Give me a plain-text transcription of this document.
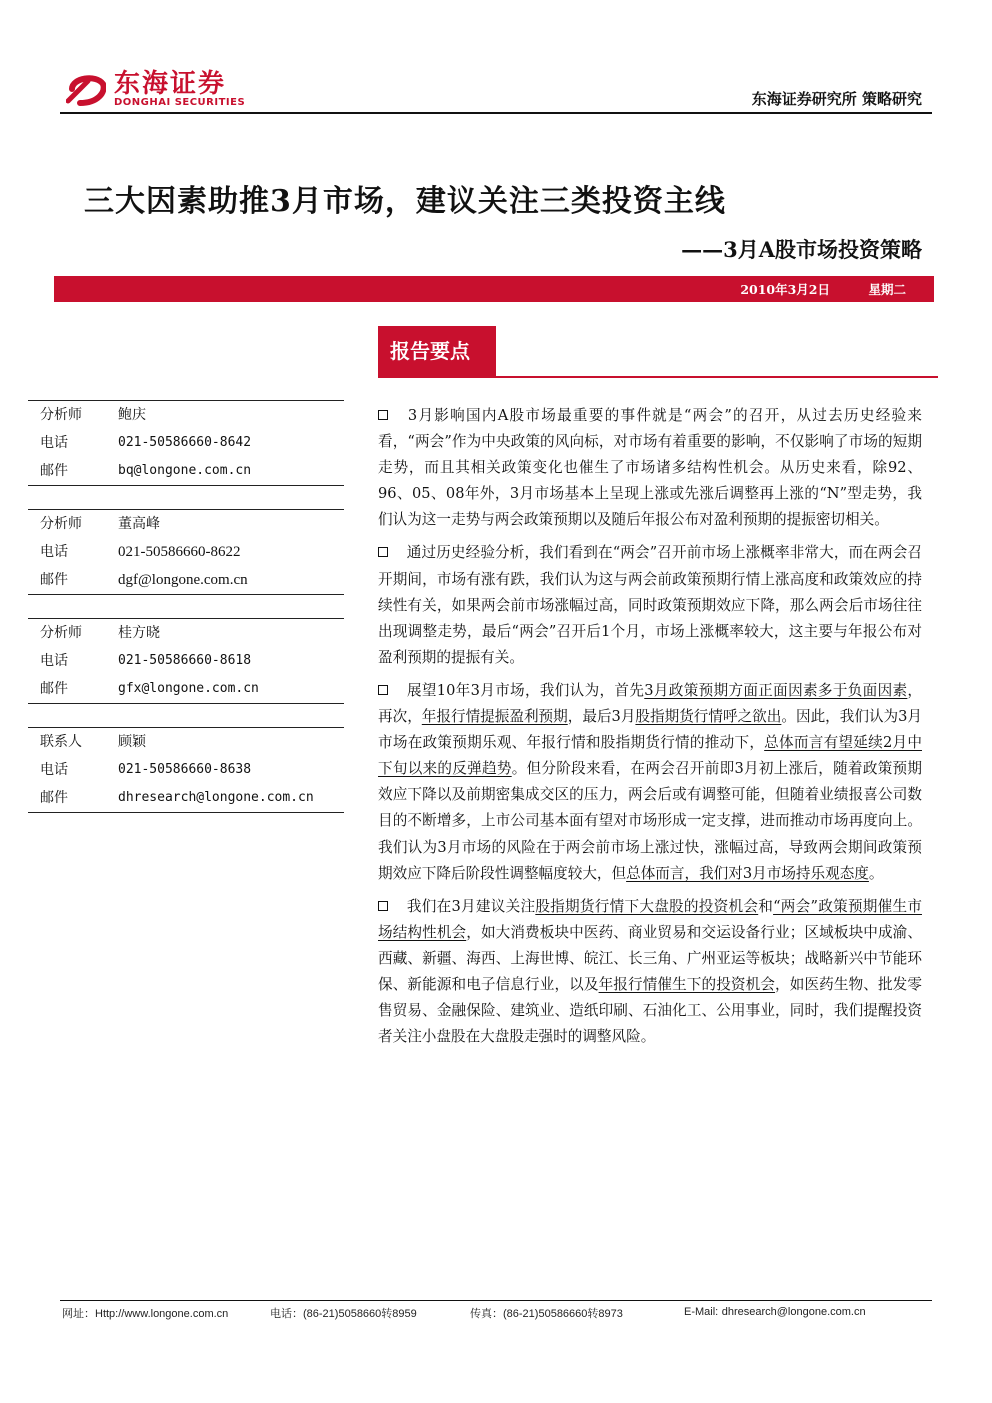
东海证券
DONGHAI SECURITIES	东海证券研究所 策略研究
三大因素助推3月市场，建议关注三类投资主线
——3月A股市场投资策略
2010年3月2日	星期二
报告要点
分析师	鲍庆
电话	021-50586660-8642
邮件	bq@longone.com.cn
分析师	董高峰
电话	021-50586660-8622
邮件	dgf@longone.com.cn
分析师	桂方晓
电话	021-50586660-8618
邮件	gfx@longone.com.cn
联系人	顾颖
电话	021-50586660-8638
邮件	dhresearch@longone.com.cn

3月影响国内A股市场最重要的事件就是“两会”的召开，从过去历史经验来看，“两会”作为中央政策的风向标，对市场有着重要的影响，不仅影响了市场的短期走势，而且其相关政策变化也催生了市场诸多结构性机会。从历史来看，除92、96、05、08年外，3月市场基本上呈现上涨或先涨后调整再上涨的“N”型走势，我们认为这一走势与两会政策预期以及随后年报公布对盈利预期的提振密切相关。

通过历史经验分析，我们看到在“两会”召开前市场上涨概率非常大，而在两会召开期间，市场有涨有跌，我们认为这与两会前政策预期行情上涨高度和政策效应的持续性有关，如果两会前市场涨幅过高，同时政策预期效应下降，那么两会后市场往往出现调整走势，最后“两会”召开后1个月，市场上涨概率较大，这主要与年报公布对盈利预期的提振有关。

展望10年3月市场，我们认为，首先3月政策预期方面正面因素多于负面因素，再次，年报行情提振盈利预期，最后3月股指期货行情呼之欲出。因此，我们认为3月市场在政策预期乐观、年报行情和股指期货行情的推动下，总体而言有望延续2月中下旬以来的反弹趋势。但分阶段来看，在两会召开前即3月初上涨后，随着政策预期效应下降以及前期密集成交区的压力，两会后或有调整可能，但随着业绩报喜公司数目的不断增多，上市公司基本面有望对市场形成一定支撑，进而推动市场再度向上。我们认为3月市场的风险在于两会前市场上涨过快，涨幅过高，导致两会期间政策预期效应下降后阶段性调整幅度较大，但总体而言，我们对3月市场持乐观态度。

我们在3月建议关注股指期货行情下大盘股的投资机会和“两会”政策预期催生市场结构性机会，如大消费板块中医药、商业贸易和交运设备行业；区域板块中成渝、西藏、新疆、海西、上海世博、皖江、长三角、广州亚运等板块；战略新兴中节能环保、新能源和电子信息行业，以及年报行情催生下的投资机会，如医药生物、批发零售贸易、金融保险、建筑业、造纸印刷、石油化工、公用事业，同时，我们提醒投资者关注小盘股在大盘股走强时的调整风险。

网址：Http://www.longone.com.cn	电话：(86-21)5058660转8959	传真：(86-21)50586660转8973	E-Mail: dhresearch@longone.com.cn
